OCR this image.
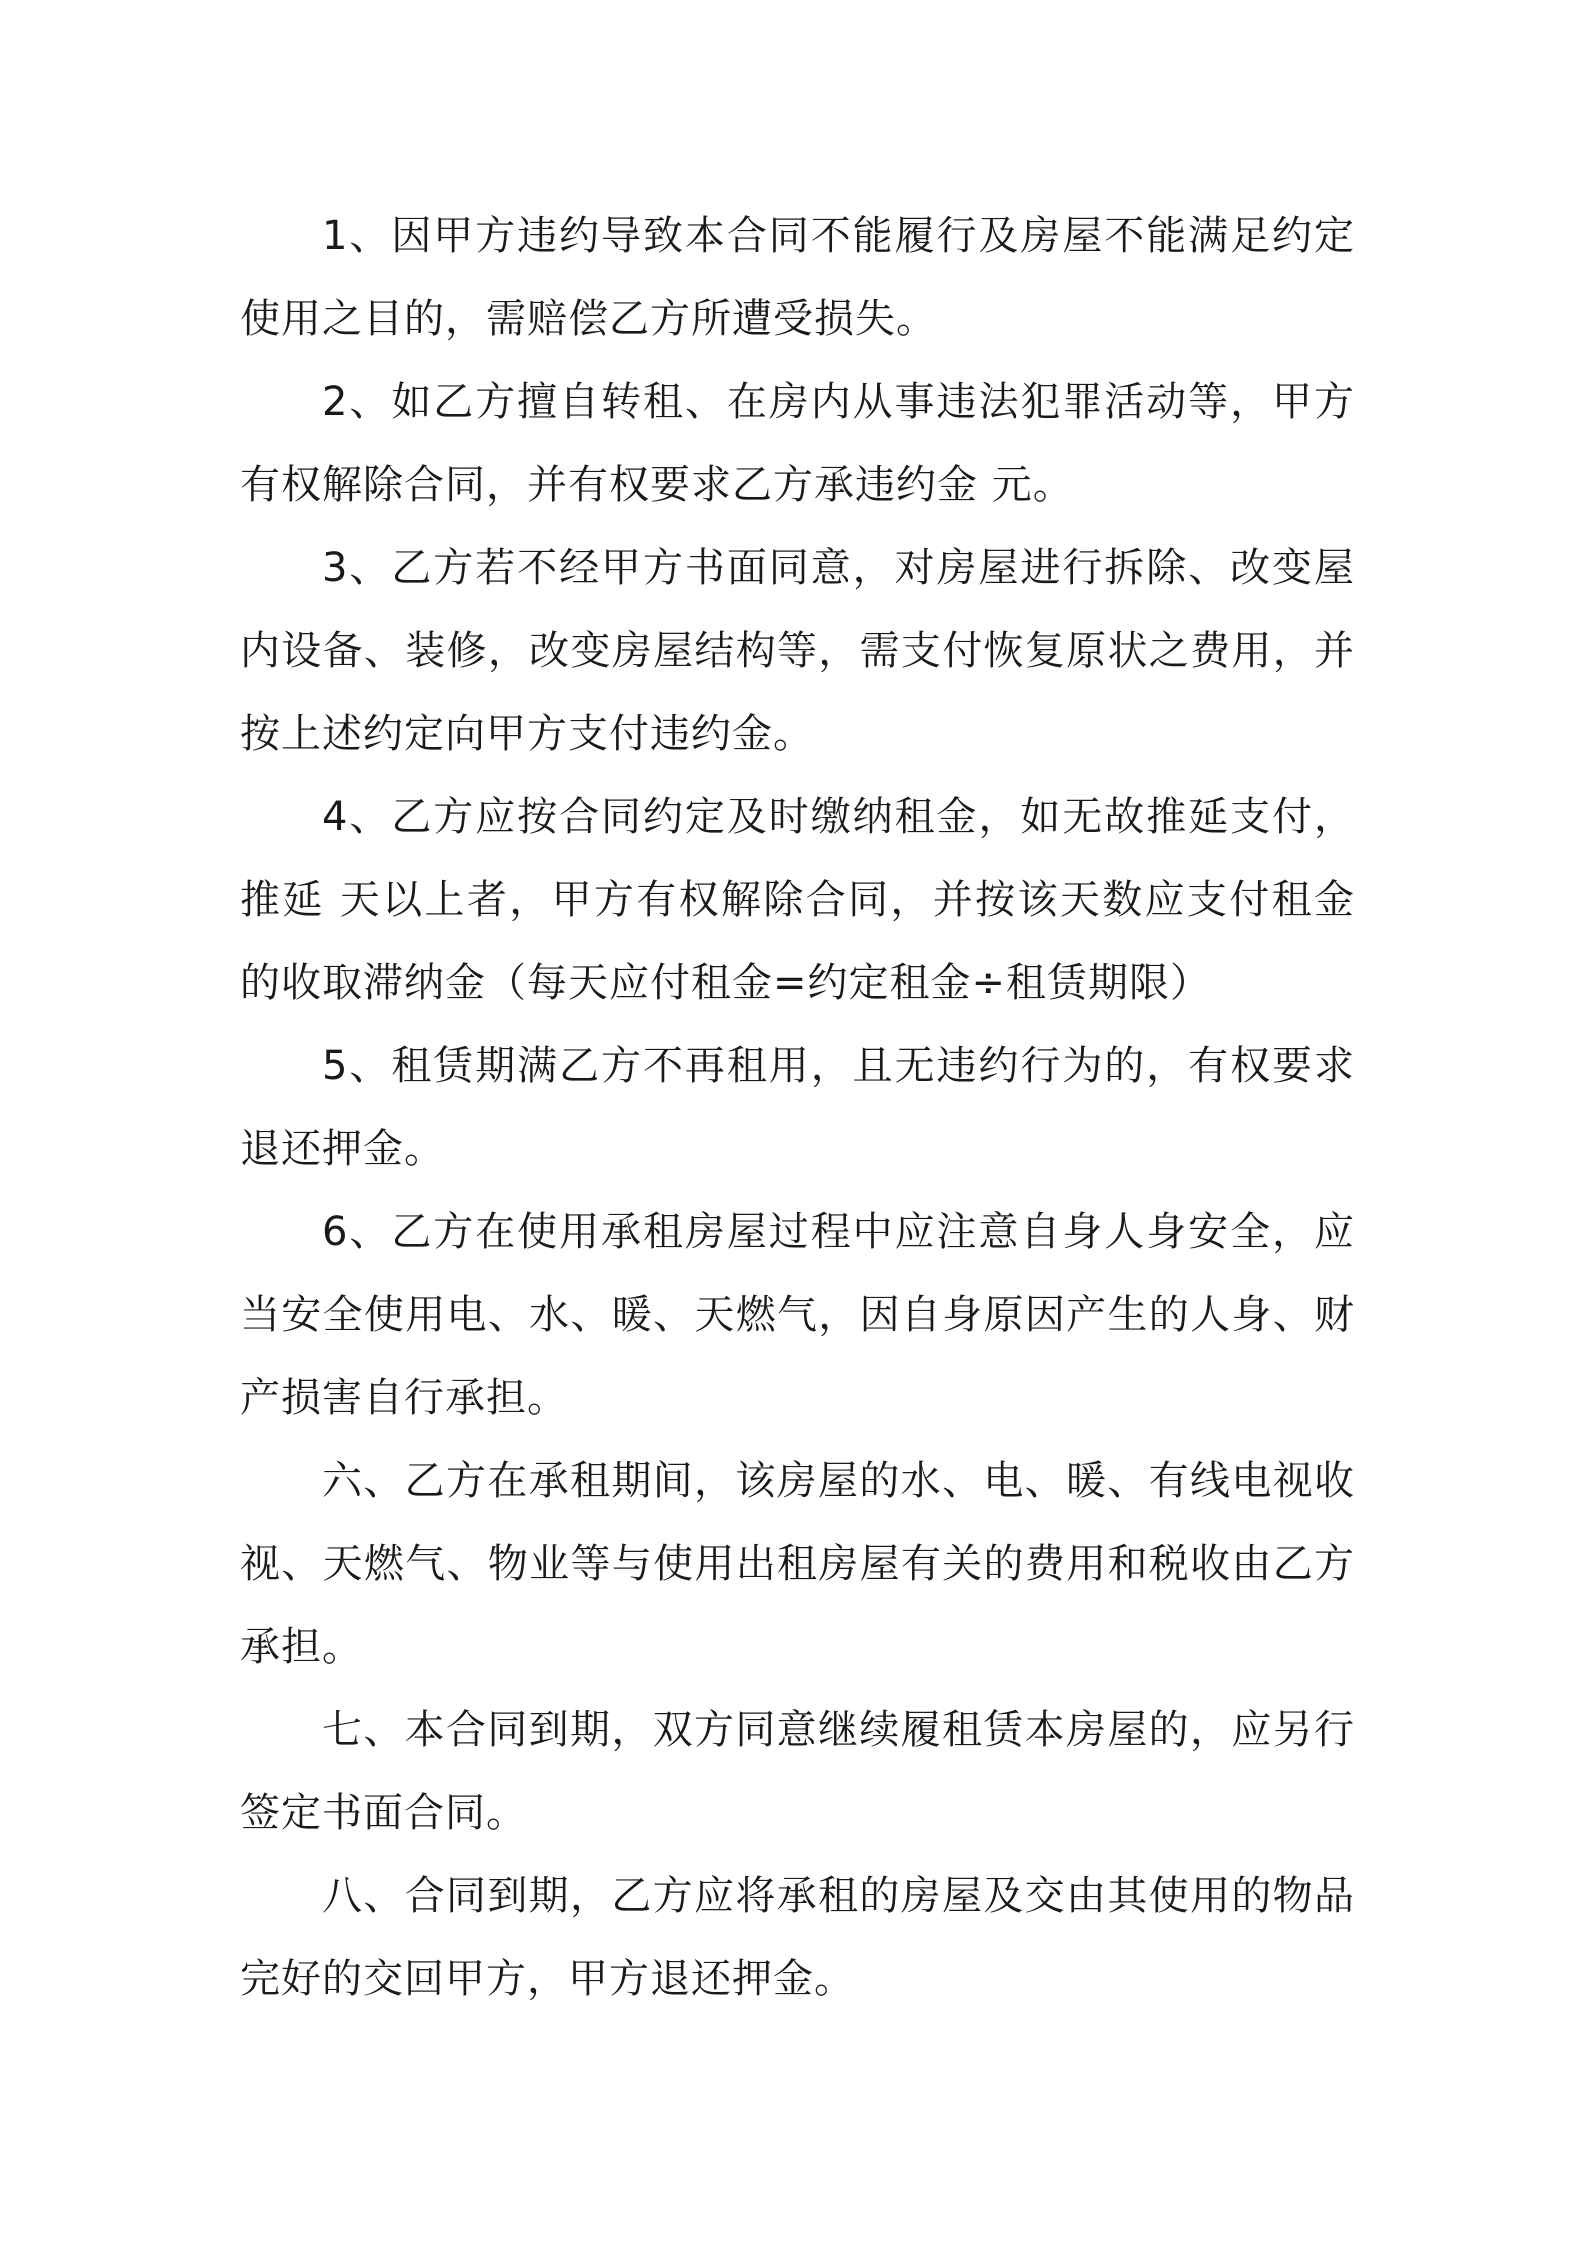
1、因甲方违约导致本合同不能履行及房屋不能满足约定使用之目的，需赔偿乙方所遭受损失。

2、如乙方擅自转租、在房内从事违法犯罪活动等，甲方有权解除合同，并有权要求乙方承违约金 元。

3、乙方若不经甲方书面同意，对房屋进行拆除、改变屋内设备、装修，改变房屋结构等，需支付恢复原状之费用，并按上述约定向甲方支付违约金。

4、乙方应按合同约定及时缴纳租金，如无故推延支付，推延 天以上者，甲方有权解除合同，并按该天数应支付租金的收取滞纳金（每天应付租金=约定租金÷租赁期限）

5、租赁期满乙方不再租用，且无违约行为的，有权要求退还押金。

6、乙方在使用承租房屋过程中应注意自身人身安全，应当安全使用电、水、暖、天燃气，因自身原因产生的人身、财产损害自行承担。

六、乙方在承租期间，该房屋的水、电、暖、有线电视收视、天燃气、物业等与使用出租房屋有关的费用和税收由乙方承担。

七、本合同到期，双方同意继续履租赁本房屋的，应另行签定书面合同。

八、合同到期，乙方应将承租的房屋及交由其使用的物品完好的交回甲方，甲方退还押金。
